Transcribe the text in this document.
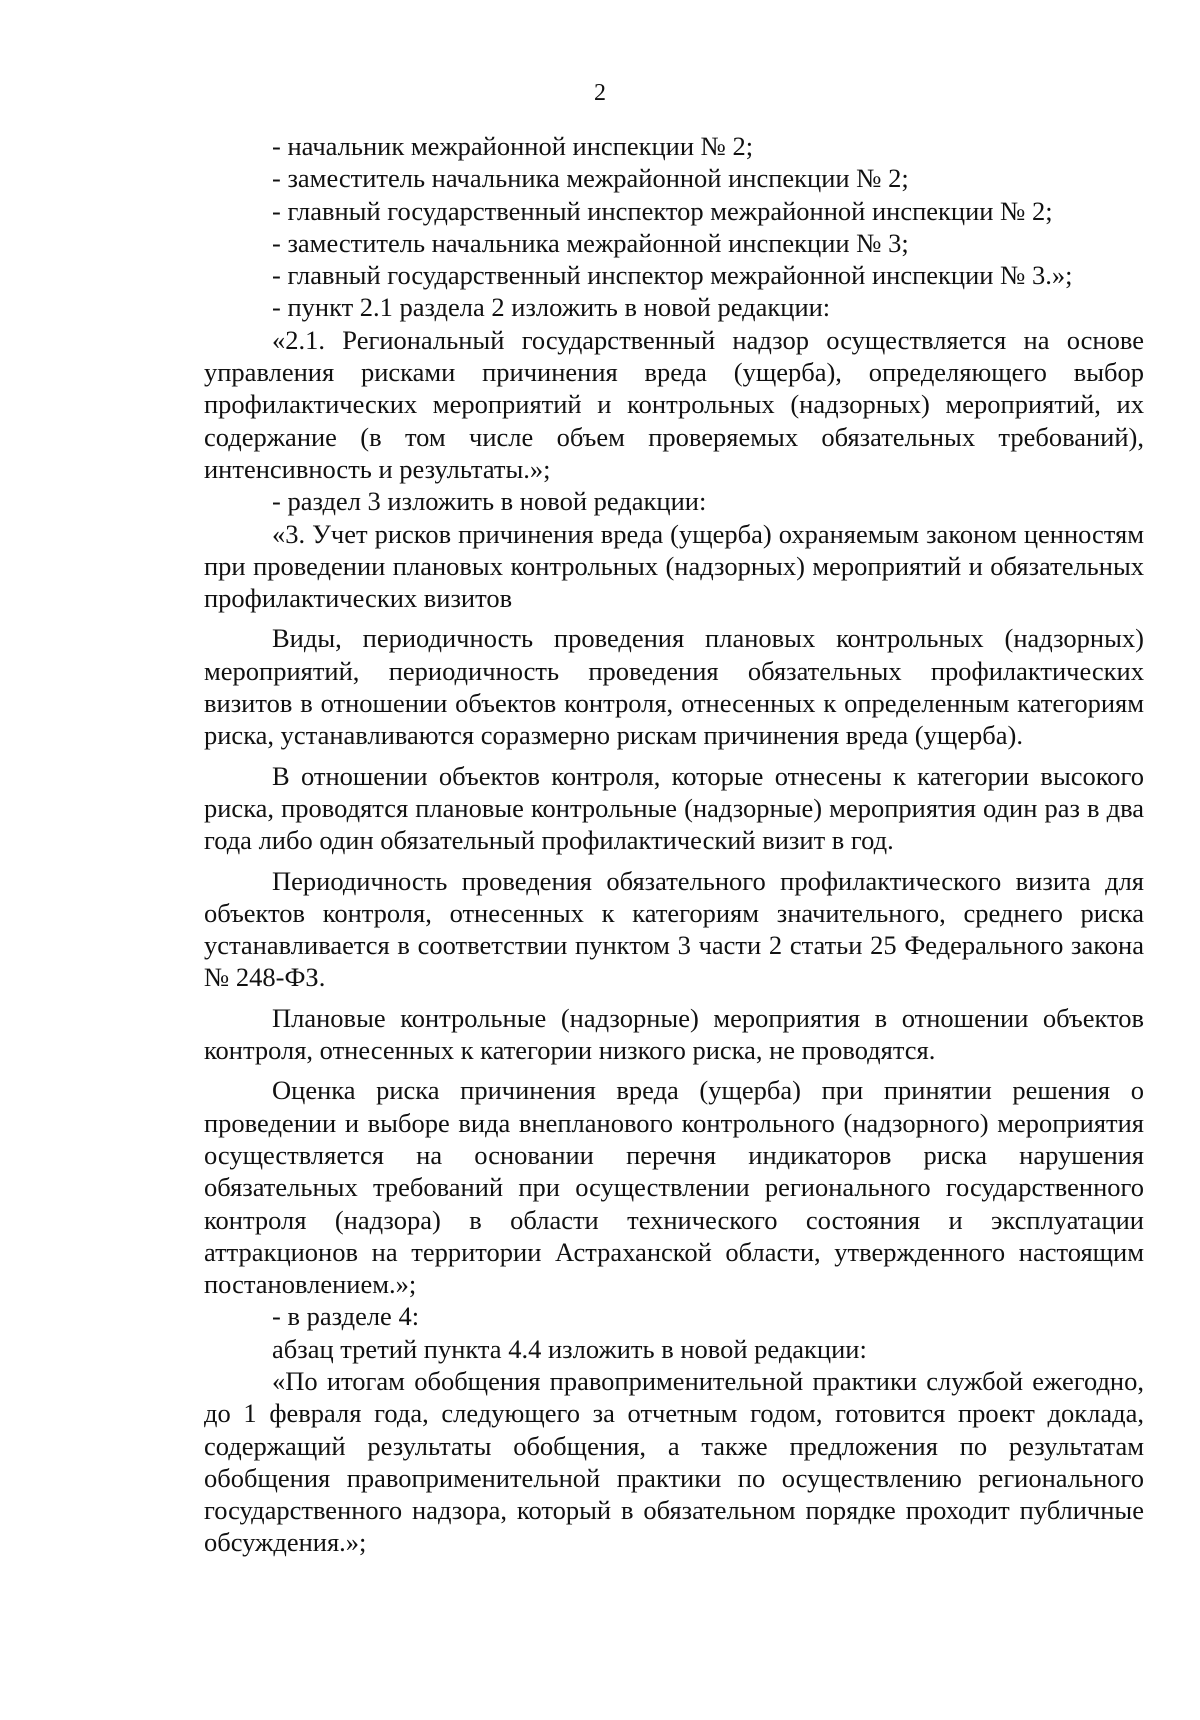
2

- начальник межрайонной инспекции № 2;

- заместитель начальника межрайонной инспекции № 2;

- главный государственный инспектор межрайонной инспекции № 2;

- заместитель начальника межрайонной инспекции № 3;

- главный государственный инспектор межрайонной инспекции № 3.»;

- пункт 2.1 раздела 2 изложить в новой редакции:

«2.1. Региональный государственный надзор осуществляется на основе управления рисками причинения вреда (ущерба), определяющего выбор профилактических мероприятий и контрольных (надзорных) мероприятий, их содержание (в том числе объем проверяемых обязательных требований), интенсивность и результаты.»;

- раздел 3 изложить в новой редакции:

«3. Учет рисков причинения вреда (ущерба) охраняемым законом ценностям при проведении плановых контрольных (надзорных) мероприятий и обязательных профилактических визитов

Виды, периодичность проведения плановых контрольных (надзорных) мероприятий, периодичность проведения обязательных профилактических визитов в отношении объектов контроля, отнесенных к определенным категориям риска, устанавливаются соразмерно рискам причинения вреда (ущерба).

В отношении объектов контроля, которые отнесены к категории высокого риска, проводятся плановые контрольные (надзорные) мероприятия один раз в два года либо один обязательный профилактический визит в год.

Периодичность проведения обязательного профилактического визита для объектов контроля, отнесенных к категориям значительного, среднего риска устанавливается в соответствии пунктом 3 части 2 статьи 25 Федерального закона № 248-ФЗ.

Плановые контрольные (надзорные) мероприятия в отношении объектов контроля, отнесенных к категории низкого риска, не проводятся.

Оценка риска причинения вреда (ущерба) при принятии решения о проведении и выборе вида внепланового контрольного (надзорного) мероприятия осуществляется на основании перечня индикаторов риска нарушения обязательных требований при осуществлении регионального государственного контроля (надзора) в области технического состояния и эксплуатации аттракционов на территории Астраханской области, утвержденного настоящим постановлением.»;

- в разделе 4:

абзац третий пункта 4.4 изложить в новой редакции:

«По итогам обобщения правоприменительной практики службой ежегодно, до 1 февраля года, следующего за отчетным годом, готовится проект доклада, содержащий результаты обобщения, а также предложения по результатам обобщения правоприменительной практики по осуществлению регионального государственного надзора, который в обязательном порядке проходит публичные обсуждения.»;
